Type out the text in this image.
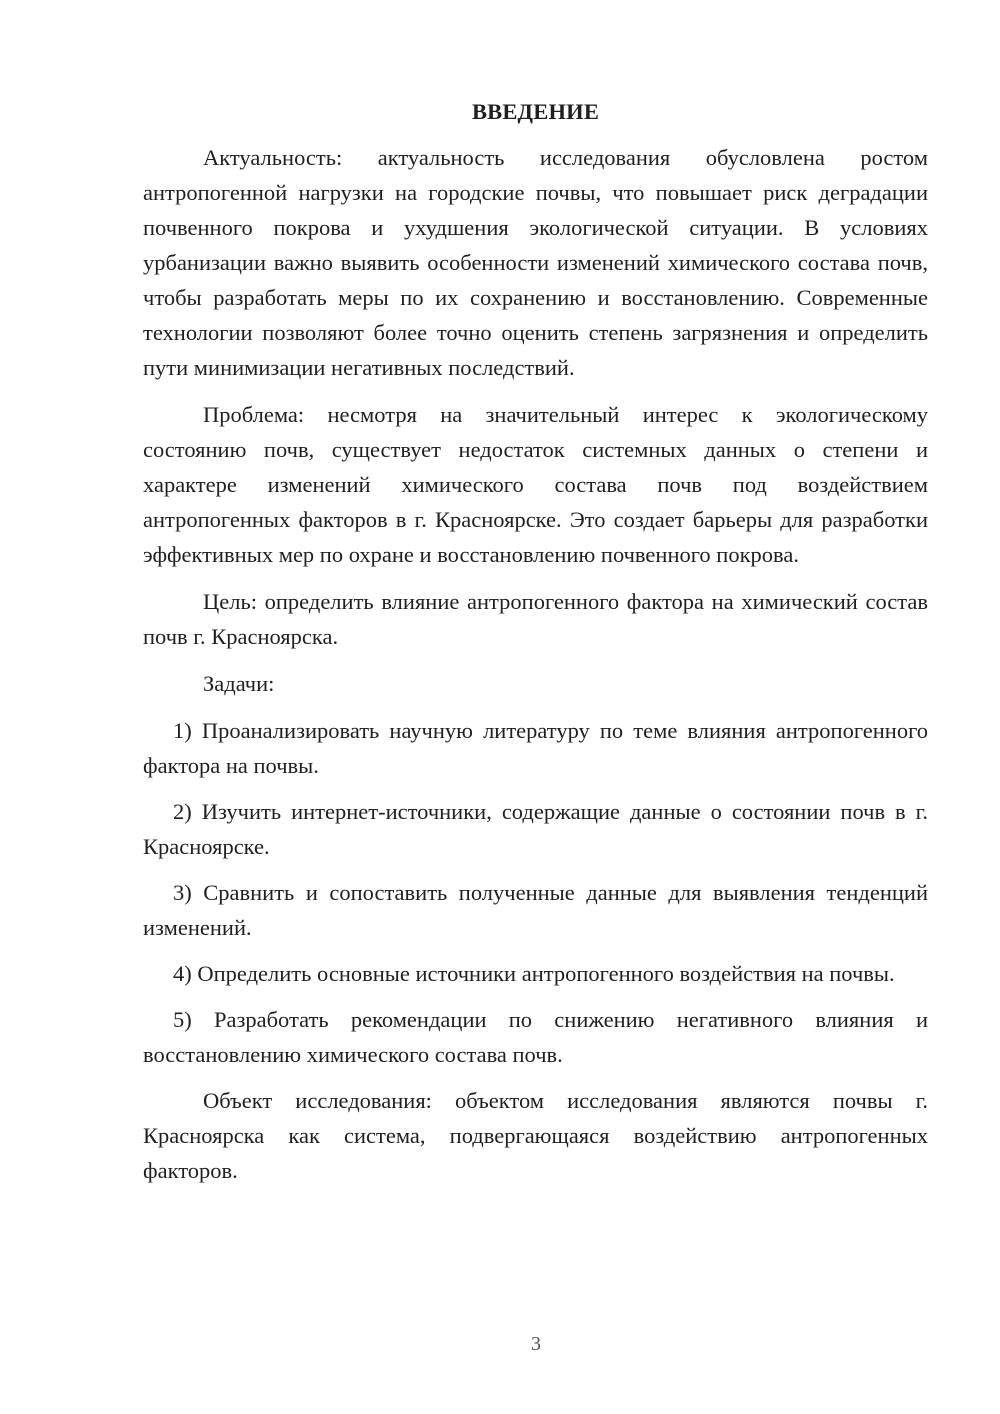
ВВЕДЕНИЕ

Актуальность: актуальность исследования обусловлена ростом антропогенной нагрузки на городские почвы, что повышает риск деградации почвенного покрова и ухудшения экологической ситуации. В условиях урбанизации важно выявить особенности изменений химического состава почв, чтобы разработать меры по их сохранению и восстановлению. Современные технологии позволяют более точно оценить степень загрязнения и определить пути минимизации негативных последствий.

Проблема: несмотря на значительный интерес к экологическому состоянию почв, существует недостаток системных данных о степени и характере изменений химического состава почв под воздействием антропогенных факторов в г. Красноярске. Это создает барьеры для разработки эффективных мер по охране и восстановлению почвенного покрова.

Цель: определить влияние антропогенного фактора на химический состав почв г. Красноярска.

Задачи:

1) Проанализировать научную литературу по теме влияния антропогенного фактора на почвы.

2) Изучить интернет-источники, содержащие данные о состоянии почв в г. Красноярске.

3) Сравнить и сопоставить полученные данные для выявления тенденций изменений.

4) Определить основные источники антропогенного воздействия на почвы.

5) Разработать рекомендации по снижению негативного влияния и восстановлению химического состава почв.

Объект исследования: объектом исследования являются почвы г. Красноярска как система, подвергающаяся воздействию антропогенных факторов.

3
